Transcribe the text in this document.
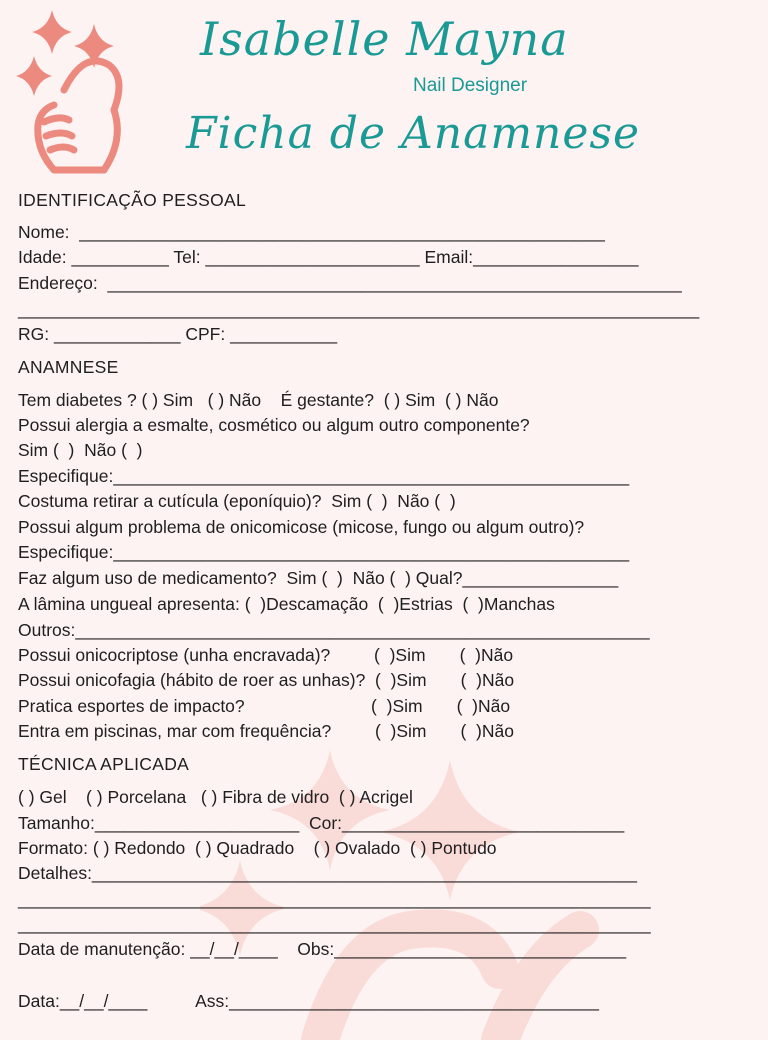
Isabelle Mayna
Nail Designer
Ficha de Anamnese
IDENTIFICAÇÃO PESSOAL
Nome:  ______________________________________________________
Idade: __________ Tel: ______________________ Email:_________________
Endereço:  ___________________________________________________________
______________________________________________________________________
RG: _____________ CPF: ___________
ANAMNESE
Tem diabetes ? ( ) Sim   ( ) Não    É gestante?  ( ) Sim  ( ) Não
Possui alergia a esmalte, cosmético ou algum outro componente?
Sim (  )  Não (  )
Especifique:_____________________________________________________
Costuma retirar a cutícula (eponíquio)?  Sim (  )  Não (  )
Possui algum problema de onicomicose (micose, fungo ou algum outro)?
Especifique:_____________________________________________________
Faz algum uso de medicamento?  Sim (  )  Não (  ) Qual?________________
A lâmina ungueal apresenta: (  )Descamação  (  )Estrias  (  )Manchas
Outros:___________________________________________________________
Possui onicocriptose (unha encravada)?         (  )Sim       (  )Não
Possui onicofagia (hábito de roer as unhas)?  (  )Sim       (  )Não
Pratica esportes de impacto?                          (  )Sim       (  )Não
Entra em piscinas, mar com frequência?         (  )Sim       (  )Não
TÉCNICA APLICADA
( ) Gel    ( ) Porcelana   ( ) Fibra de vidro  ( ) Acrigel
Tamanho:_____________________  Cor:_____________________________
Formato: ( ) Redondo  ( ) Quadrado    ( ) Ovalado  ( ) Pontudo
Detalhes:________________________________________________________
_________________________________________________________________
_________________________________________________________________
Data de manutenção: __/__/____    Obs:______________________________
Data:__/__/____          Ass:______________________________________
